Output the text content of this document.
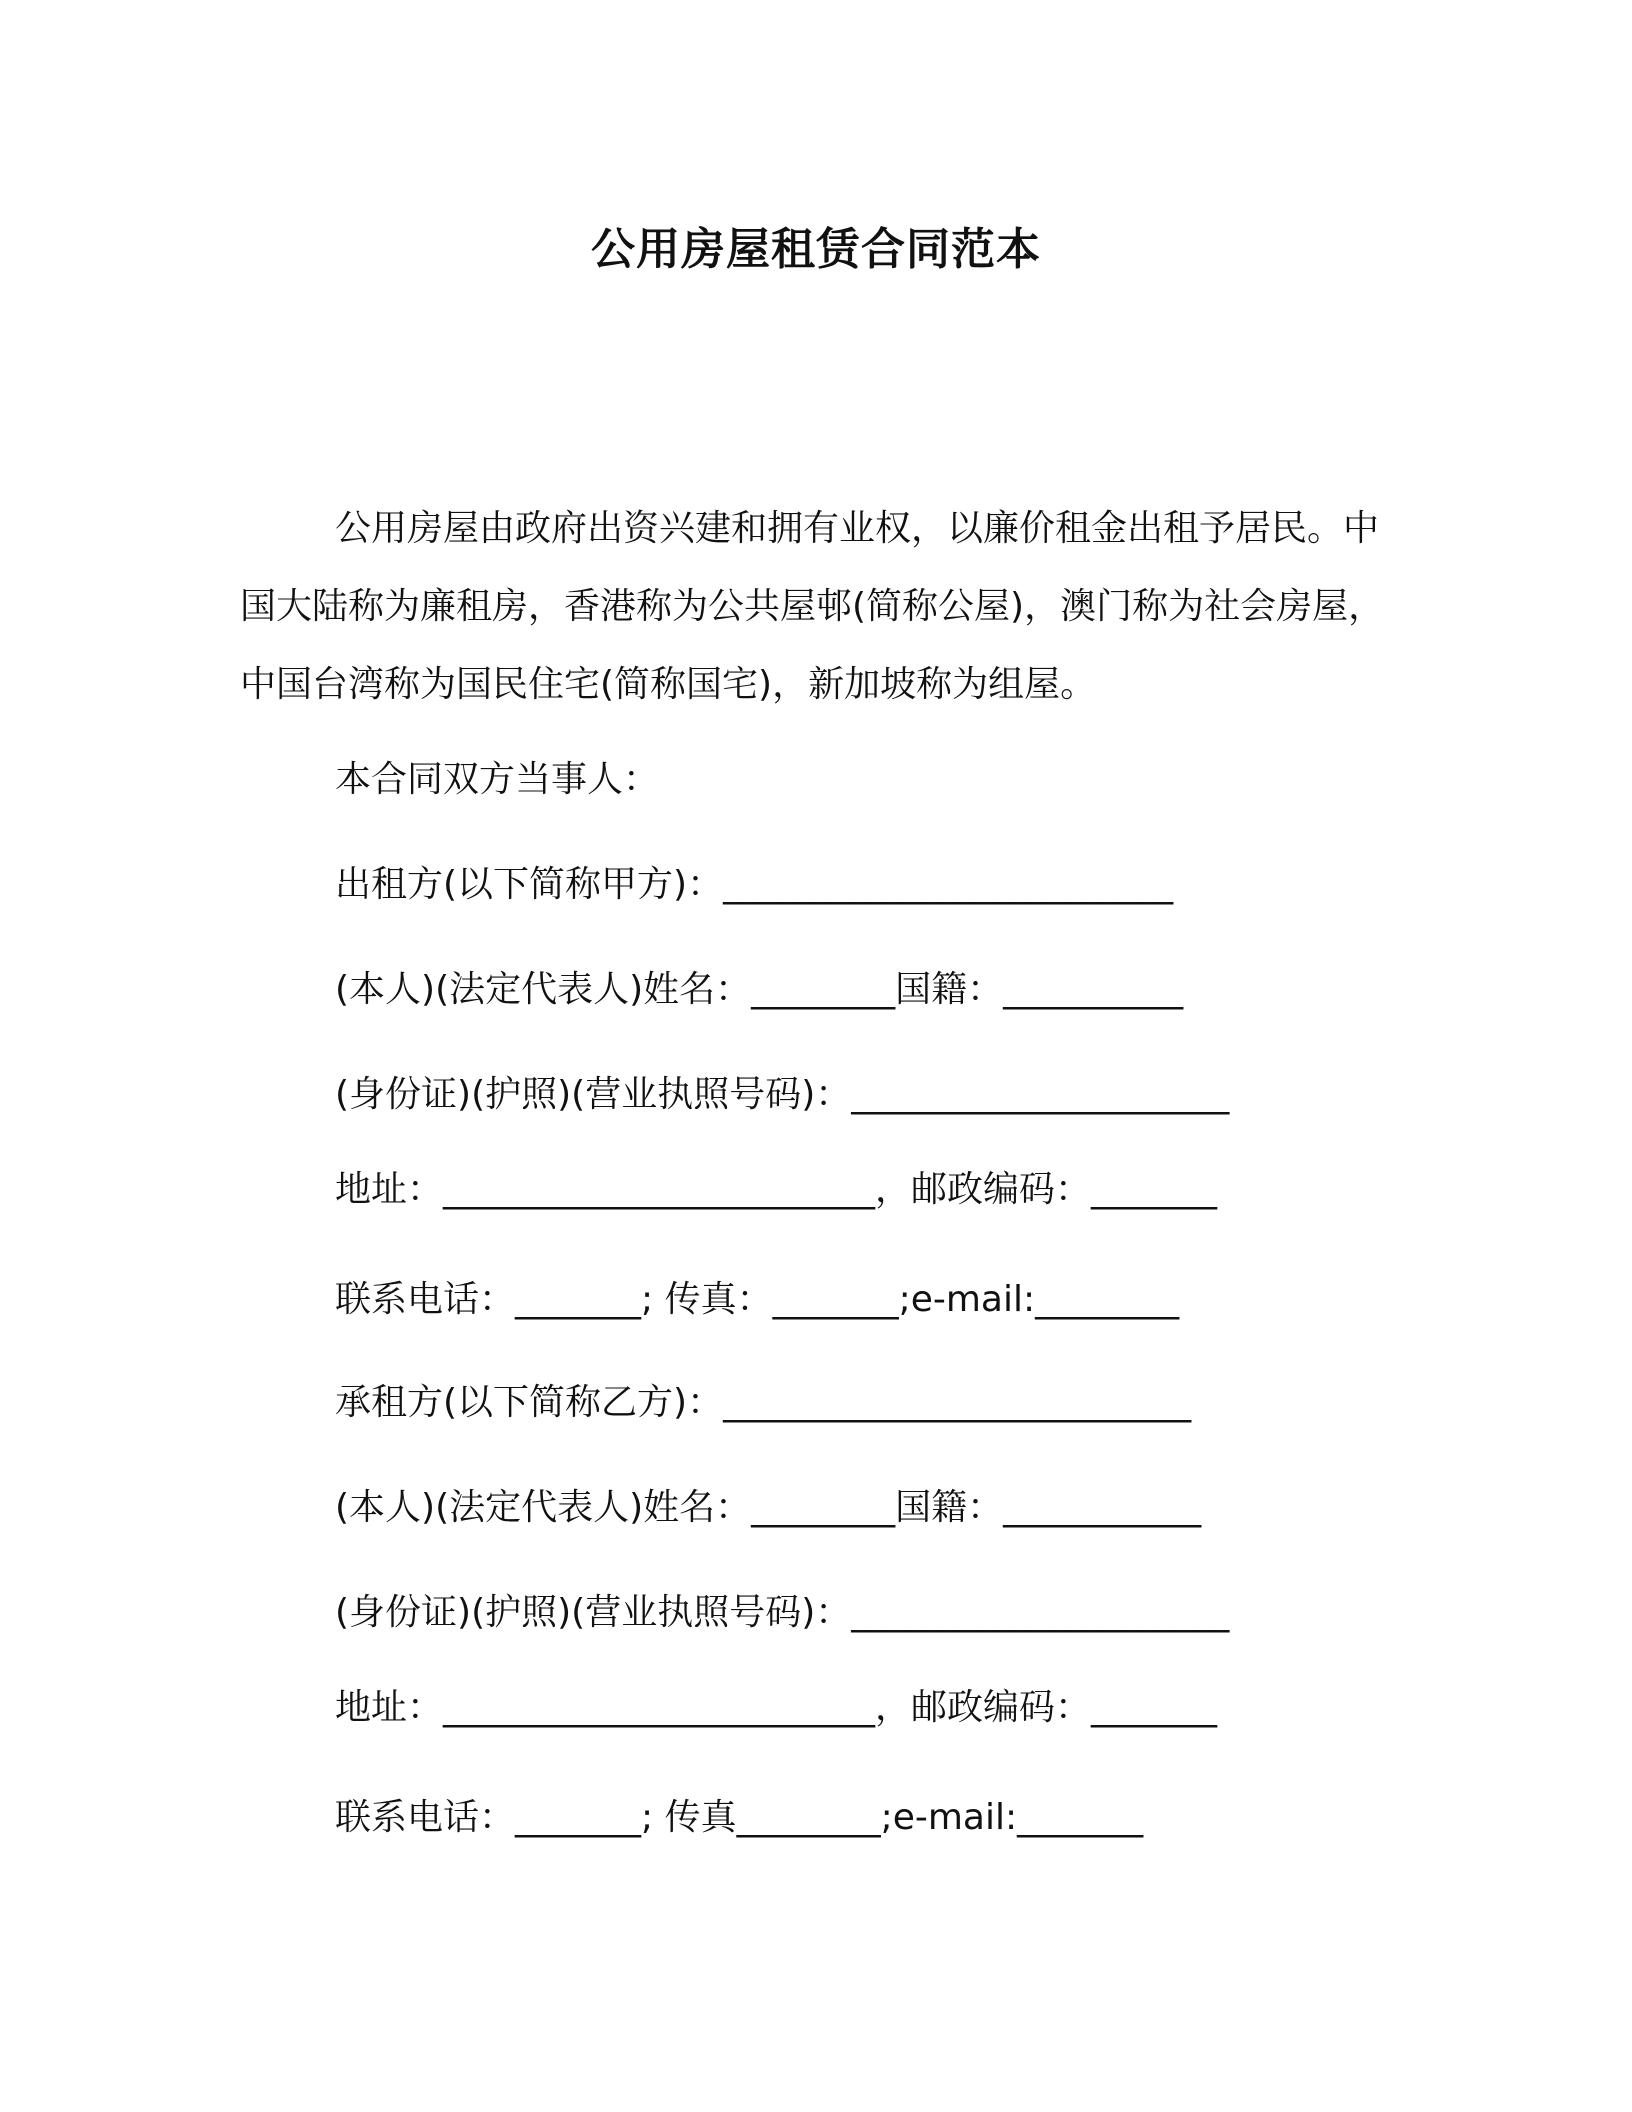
公用房屋租赁合同范本

公用房屋由政府出资兴建和拥有业权，以廉价租金出租予居民。中国大陆称为廉租房，香港称为公共屋邨(简称公屋)，澳门称为社会房屋，中国台湾称为国民住宅(简称国宅)，新加坡称为组屋。

本合同双方当事人：

出租方(以下简称甲方)：_________________________

(本人)(法定代表人)姓名：________国籍：__________

(身份证)(护照)(营业执照号码)：_____________________

地址：________________________，邮政编码：_______

联系电话：_______; 传真：_______;e-mail:________

承租方(以下简称乙方)：__________________________

(本人)(法定代表人)姓名：________国籍：___________

(身份证)(护照)(营业执照号码)：_____________________

地址：________________________，邮政编码：_______

联系电话：_______; 传真________;e-mail:_______
